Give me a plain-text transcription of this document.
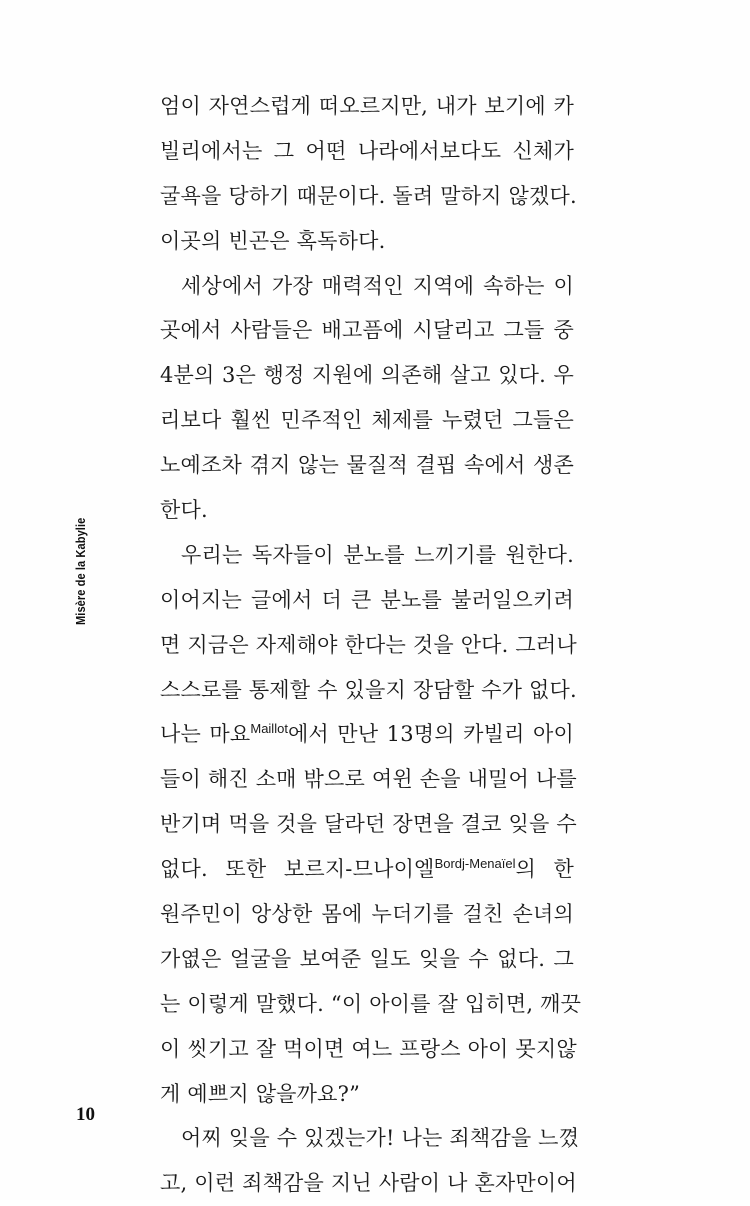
Misère de la Kabylie
엄이 자연스럽게 떠오르지만, 내가 보기에 카
빌리에서는 그 어떤 나라에서보다도 신체가
굴욕을 당하기 때문이다. 돌려 말하지 않겠다.
이곳의 빈곤은 혹독하다.
세상에서 가장 매력적인 지역에 속하는 이
곳에서 사람들은 배고픔에 시달리고 그들 중
4분의 3은 행정 지원에 의존해 살고 있다. 우
리보다 훨씬 민주적인 체제를 누렸던 그들은
노예조차 겪지 않는 물질적 결핍 속에서 생존
한다.
우리는 독자들이 분노를 느끼기를 원한다.
이어지는 글에서 더 큰 분노를 불러일으키려
면 지금은 자제해야 한다는 것을 안다. 그러나
스스로를 통제할 수 있을지 장담할 수가 없다.
나는 마요$^{Maillot}$에서 만난 13명의 카빌리 아이
들이 해진 소매 밖으로 여윈 손을 내밀어 나를
반기며 먹을 것을 달라던 장면을 결코 잊을 수
없다. 또한 보르지-므나이엘$^{Bordj-Menaïel}$의 한
원주민이 앙상한 몸에 누더기를 걸친 손녀의
가엾은 얼굴을 보여준 일도 잊을 수 없다. 그
는 이렇게 말했다. “이 아이를 잘 입히면, 깨끗
이 씻기고 잘 먹이면 여느 프랑스 아이 못지않
게 예쁘지 않을까요?”
어찌 잊을 수 있겠는가! 나는 죄책감을 느꼈
고, 이런 죄책감을 지닌 사람이 나 혼자만이어
10
